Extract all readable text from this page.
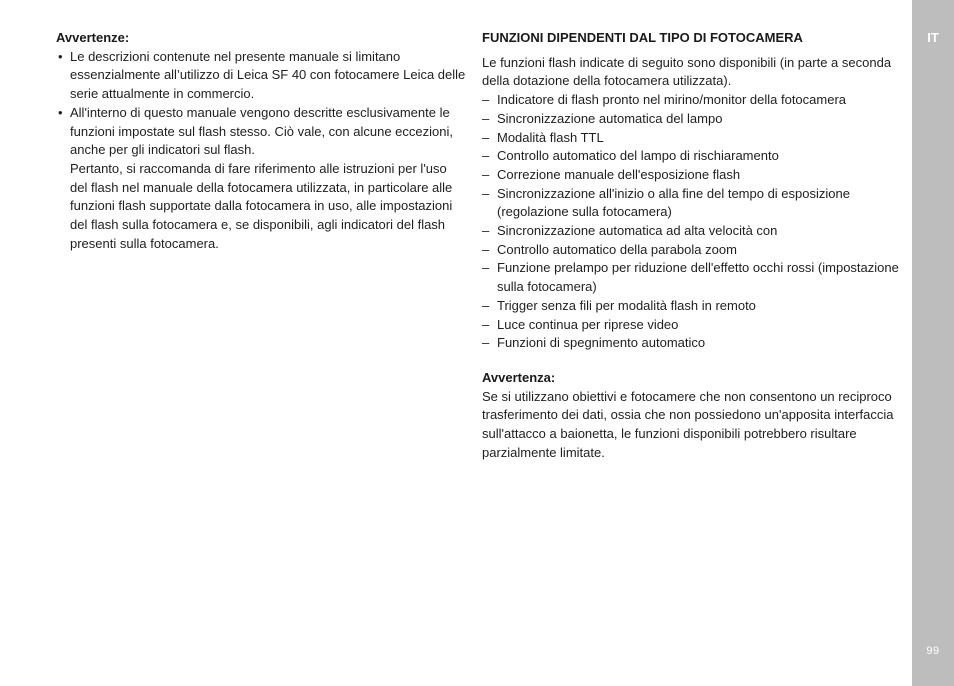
Avvertenze:
• Le descrizioni contenute nel presente manuale si limitano essenzialmente all’utilizzo di Leica SF 40 con fotocamere Leica delle serie attualmente in commercio.
• All'interno di questo manuale vengono descritte esclusivamente le funzioni impostate sul flash stesso. Ciò vale, con alcune eccezioni, anche per gli indicatori sul flash.
Pertanto, si raccomanda di fare riferimento alle istruzioni per l'uso del flash nel manuale della fotocamera utilizzata, in particolare alle funzioni flash supportate dalla fotocamera in uso, alle impostazioni del flash sulla fotocamera e, se disponibili, agli indicatori del flash presenti sulla fotocamera.
FUNZIONI DIPENDENTI DAL TIPO DI FOTOCAMERA

Le funzioni flash indicate di seguito sono disponibili (in parte a seconda della dotazione della fotocamera utilizzata).

– Indicatore di flash pronto nel mirino/monitor della fotocamera
– Sincronizzazione automatica del lampo
– Modalità flash TTL
– Controllo automatico del lampo di rischiaramento
– Correzione manuale dell'esposizione flash
– Sincronizzazione all'inizio o alla fine del tempo di esposizione (regolazione sulla fotocamera)
– Sincronizzazione automatica ad alta velocità con
– Controllo automatico della parabola zoom
– Funzione prelampo per riduzione dell'effetto occhi rossi (impostazione sulla fotocamera)
– Trigger senza fili per modalità flash in remoto
– Luce continua per riprese video
– Funzioni di spegnimento automatico
Avvertenza:

Se si utilizzano obiettivi e fotocamere che non consentono un reciproco trasferimento dei dati, ossia che non possiedono un'apposita interfaccia sull'attacco a baionetta, le funzioni disponibili potrebbero risultare parzialmente limitate.

IT
99
